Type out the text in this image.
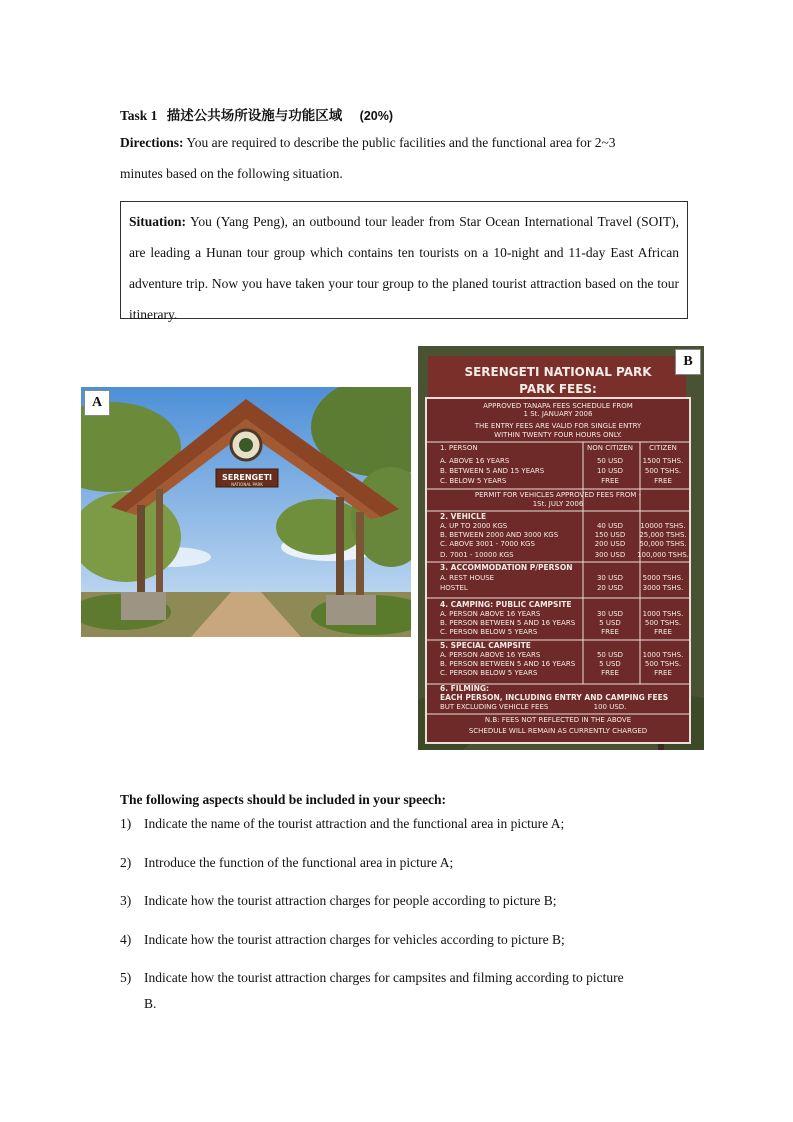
Task 1 描述公共场所设施与功能区域 (20%)
Directions: You are required to describe the public facilities and the functional area for 2~3
minutes based on the following situation.
Situation: You (Yang Peng), an outbound tour leader from Star Ocean International Travel (SOIT), are leading a Hunan tour group which contains ten tourists on a 10-night and 11-day East African adventure trip. Now you have taken your tour group to the planed tourist attraction based on the tour itinerary.
SERENGETI
NATIONAL PARK
A
SERENGETI NATIONAL PARK
PARK FEES:
APPROVED TANAPA FEES SCHEDULE FROM
1 St. JANUARY 2006
THE ENTRY FEES ARE VALID FOR SINGLE ENTRY
WITHIN TWENTY FOUR HOURS ONLY.
1. PERSON	NON CITIZEN CITIZEN
A. ABOVE 16 YEARS	50 USD	1500 TSHS.
B. BETWEEN 5 AND 15 YEARS	10 USD	500 TSHS.
C. BELOW 5 YEARS	FREE	FREE
PERMIT FOR VEHICLES APPROVED FEES FROM -
1St. JULY 2006
2. VEHICLE
A. UP TO 2000 KGS	40 USD 10000 TSHS.
B. BETWEEN 2000 AND 3000 KGS	150 USD 25,000 TSHS.
C. ABOVE 3001 - 7000 KGS	200 USD 50,000 TSHS.
D. 7001 - 10000 KGS	300 USD 100,000 TSHS.
3. ACCOMMODATION P/PERSON
A. REST HOUSE	30 USD	5000 TSHS.
HOSTEL	20 USD	3000 TSHS.
4. CAMPING: PUBLIC CAMPSITE
A. PERSON ABOVE 16 YEARS	30 USD	1000 TSHS.
B. PERSON BETWEEN 5 AND 16 YEARS	5 USD	500 TSHS.
C. PERSON BELOW 5 YEARS	FREE	FREE
5. SPECIAL CAMPSITE
A. PERSON ABOVE 16 YEARS	50 USD	1000 TSHS.
B. PERSON BETWEEN 5 AND 16 YEARS	5 USD	500 TSHS.
C. PERSON BELOW 5 YEARS	FREE	FREE
6. FILMING:
EACH PERSON, INCLUDING ENTRY AND CAMPING FEES
BUT EXCLUDING VEHICLE FEES	100 USD.
N.B: FEES NOT REFLECTED IN THE ABOVE
SCHEDULE WILL REMAIN AS CURRENTLY CHARGED
B
The following aspects should be included in your speech:
1) Indicate the name of the tourist attraction and the functional area in picture A;
2) Introduce the function of the functional area in picture A;
3) Indicate how the tourist attraction charges for people according to picture B;
4) Indicate how the tourist attraction charges for vehicles according to picture B;
5) Indicate how the tourist attraction charges for campsites and filming according to picture
B.
